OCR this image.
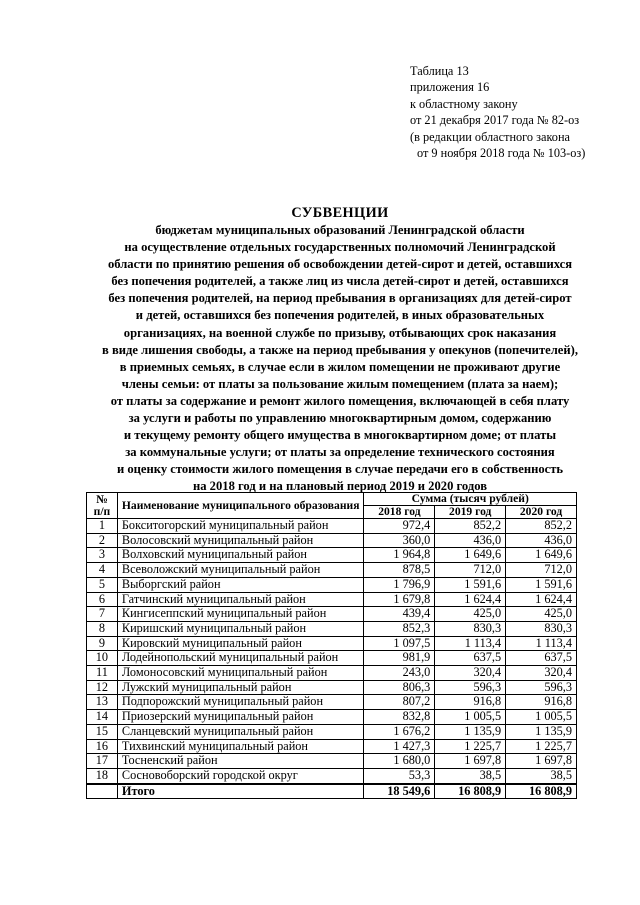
Таблица 13
приложения 16
к областному закону
от 21 декабря 2017 года № 82-оз
(в редакции областного закона
от 9 ноября 2018 года № 103-оз)
СУБВЕНЦИИ
бюджетам муниципальных образований Ленинградской области
на осуществление отдельных государственных полномочий Ленинградской
области по принятию решения об освобождении детей-сирот и детей, оставшихся
без попечения родителей, а также лиц из числа детей-сирот и детей, оставшихся
без попечения родителей, на период пребывания в организациях для детей-сирот
и детей, оставшихся без попечения родителей, в иных образовательных
организациях, на военной службе по призыву, отбывающих срок наказания
в виде лишения свободы, а также на период пребывания у опекунов (попечителей),
в приемных семьях, в случае если в жилом помещении не проживают другие
члены семьи: от платы за пользование жилым помещением (плата за наем);
от платы за содержание и ремонт жилого помещения, включающей в себя плату
за услуги и работы по управлению многоквартирным домом, содержанию
и текущему ремонту общего имущества в многоквартирном доме; от платы
за коммунальные услуги; от платы за определение технического состояния
и оценку стоимости жилого помещения в случае передачи его в собственность
на 2018 год и на плановый период 2019 и 2020 годов
№ п/п	Наименование муниципального образования	Сумма (тысяч рублей)		
		2018 год	2019 год	2020 год
1	Бокситогорский муниципальный район	972,4	852,2	852,2
2	Волосовский муниципальный район	360,0	436,0	436,0
3	Волховский муниципальный район	1 964,8	1 649,6	1 649,6
4	Всеволожский муниципальный район	878,5	712,0	712,0
5	Выборгский район	1 796,9	1 591,6	1 591,6
6	Гатчинский муниципальный район	1 679,8	1 624,4	1 624,4
7	Кингисеппский муниципальный район	439,4	425,0	425,0
8	Киришский муниципальный район	852,3	830,3	830,3
9	Кировский муниципальный район	1 097,5	1 113,4	1 113,4
10	Лодейнопольский муниципальный район	981,9	637,5	637,5
11	Ломоносовский муниципальный район	243,0	320,4	320,4
12	Лужский муниципальный район	806,3	596,3	596,3
13	Подпорожский муниципальный район	807,2	916,8	916,8
14	Приозерский муниципальный район	832,8	1 005,5	1 005,5
15	Сланцевский муниципальный район	1 676,2	1 135,9	1 135,9
16	Тихвинский муниципальный район	1 427,3	1 225,7	1 225,7
17	Тосненский район	1 680,0	1 697,8	1 697,8
18	Сосновоборский городской округ	53,3	38,5	38,5
	Итого	18 549,6	16 808,9	16 808,9
